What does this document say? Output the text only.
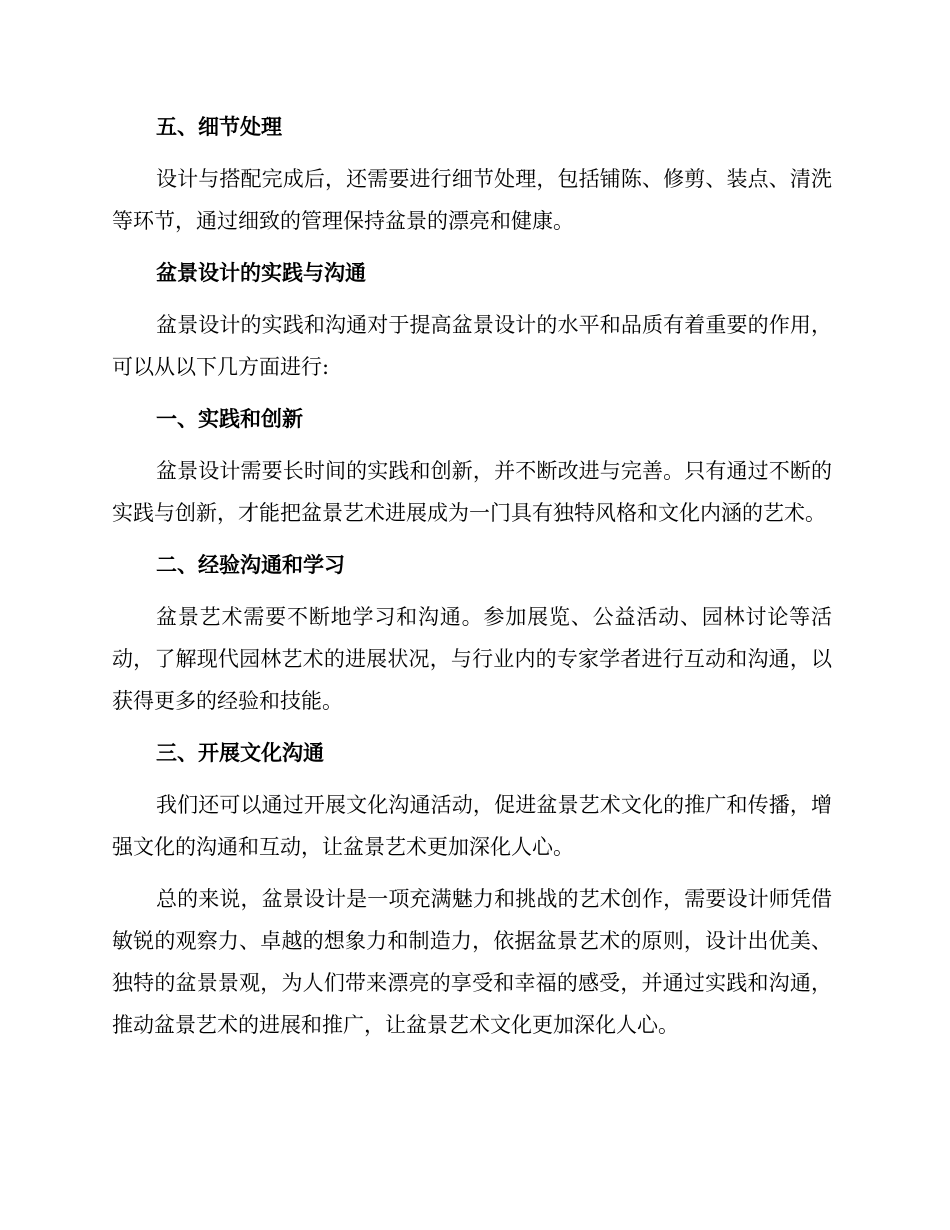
五、细节处理
设计与搭配完成后，还需要进行细节处理，包括铺陈、修剪、装点、清洗等环节，通过细致的管理保持盆景的漂亮和健康。
盆景设计的实践与沟通
盆景设计的实践和沟通对于提高盆景设计的水平和品质有着重要的作用，可以从以下几方面进行:
一、实践和创新
盆景设计需要长时间的实践和创新，并不断改进与完善。只有通过不断的实践与创新，才能把盆景艺术进展成为一门具有独特风格和文化内涵的艺术。
二、经验沟通和学习
盆景艺术需要不断地学习和沟通。参加展览、公益活动、园林讨论等活动，了解现代园林艺术的进展状况，与行业内的专家学者进行互动和沟通，以获得更多的经验和技能。
三、开展文化沟通
我们还可以通过开展文化沟通活动，促进盆景艺术文化的推广和传播，增强文化的沟通和互动，让盆景艺术更加深化人心。
总的来说，盆景设计是一项充满魅力和挑战的艺术创作，需要设计师凭借敏锐的观察力、卓越的想象力和制造力，依据盆景艺术的原则，设计出优美、独特的盆景景观，为人们带来漂亮的享受和幸福的感受，并通过实践和沟通，推动盆景艺术的进展和推广，让盆景艺术文化更加深化人心。
